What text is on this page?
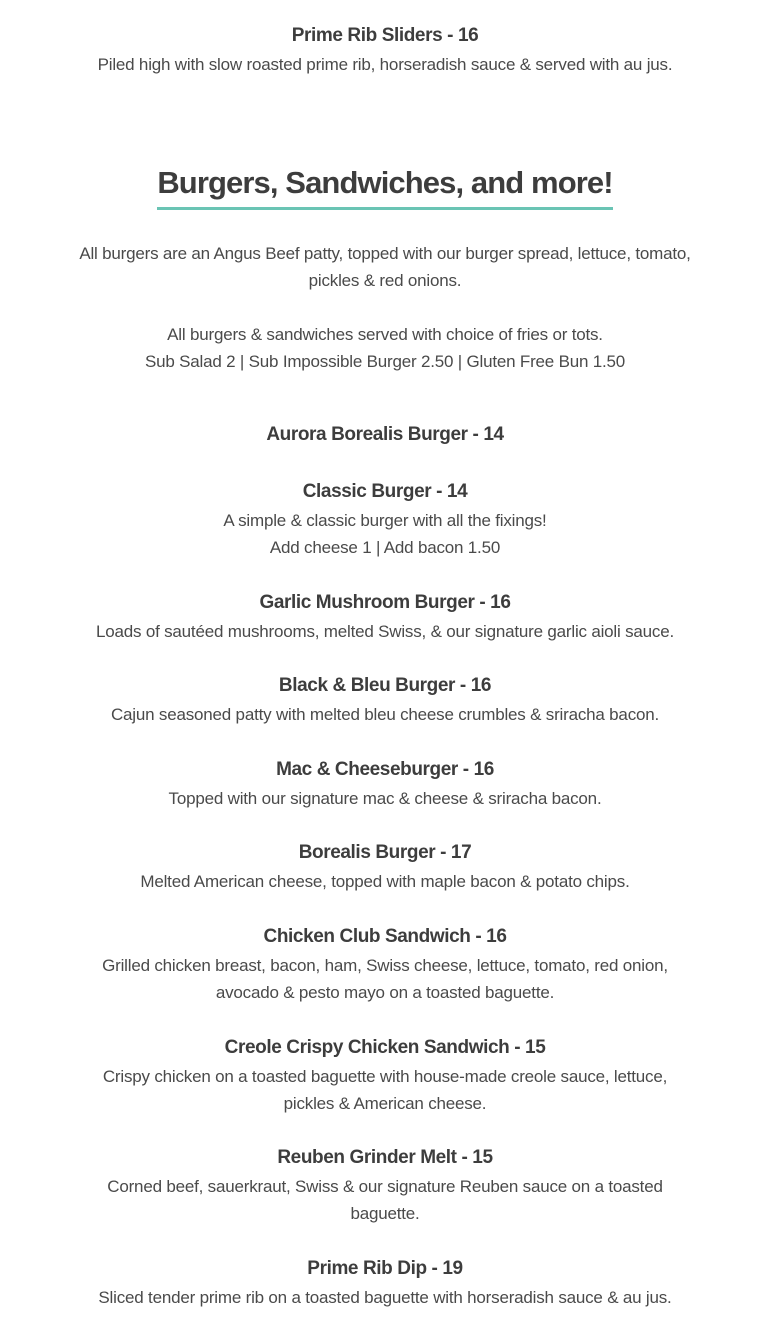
Prime Rib Sliders - 16

Piled high with slow roasted prime rib, horseradish sauce & served with au jus.

Burgers, Sandwiches, and more!

All burgers are an Angus Beef patty, topped with our burger spread, lettuce, tomato,

pickles & red onions.

All burgers & sandwiches served with choice of fries or tots.

Sub Salad 2 | Sub Impossible Burger 2.50 | Gluten Free Bun 1.50

Aurora Borealis Burger - 14

Classic Burger - 14

A simple & classic burger with all the fixings!

Add cheese 1 | Add bacon 1.50

Garlic Mushroom Burger - 16

Loads of sautéed mushrooms, melted Swiss, & our signature garlic aioli sauce.

Black & Bleu Burger - 16

Cajun seasoned patty with melted bleu cheese crumbles & sriracha bacon.

Mac & Cheeseburger - 16

Topped with our signature mac & cheese & sriracha bacon.

Borealis Burger - 17

Melted American cheese, topped with maple bacon & potato chips.

Chicken Club Sandwich - 16

Grilled chicken breast, bacon, ham, Swiss cheese, lettuce, tomato, red onion,

avocado & pesto mayo on a toasted baguette.

Creole Crispy Chicken Sandwich - 15

Crispy chicken on a toasted baguette with house-made creole sauce, lettuce,

pickles & American cheese.

Reuben Grinder Melt - 15

Corned beef, sauerkraut, Swiss & our signature Reuben sauce on a toasted

baguette.

Prime Rib Dip - 19

Sliced tender prime rib on a toasted baguette with horseradish sauce & au jus.
